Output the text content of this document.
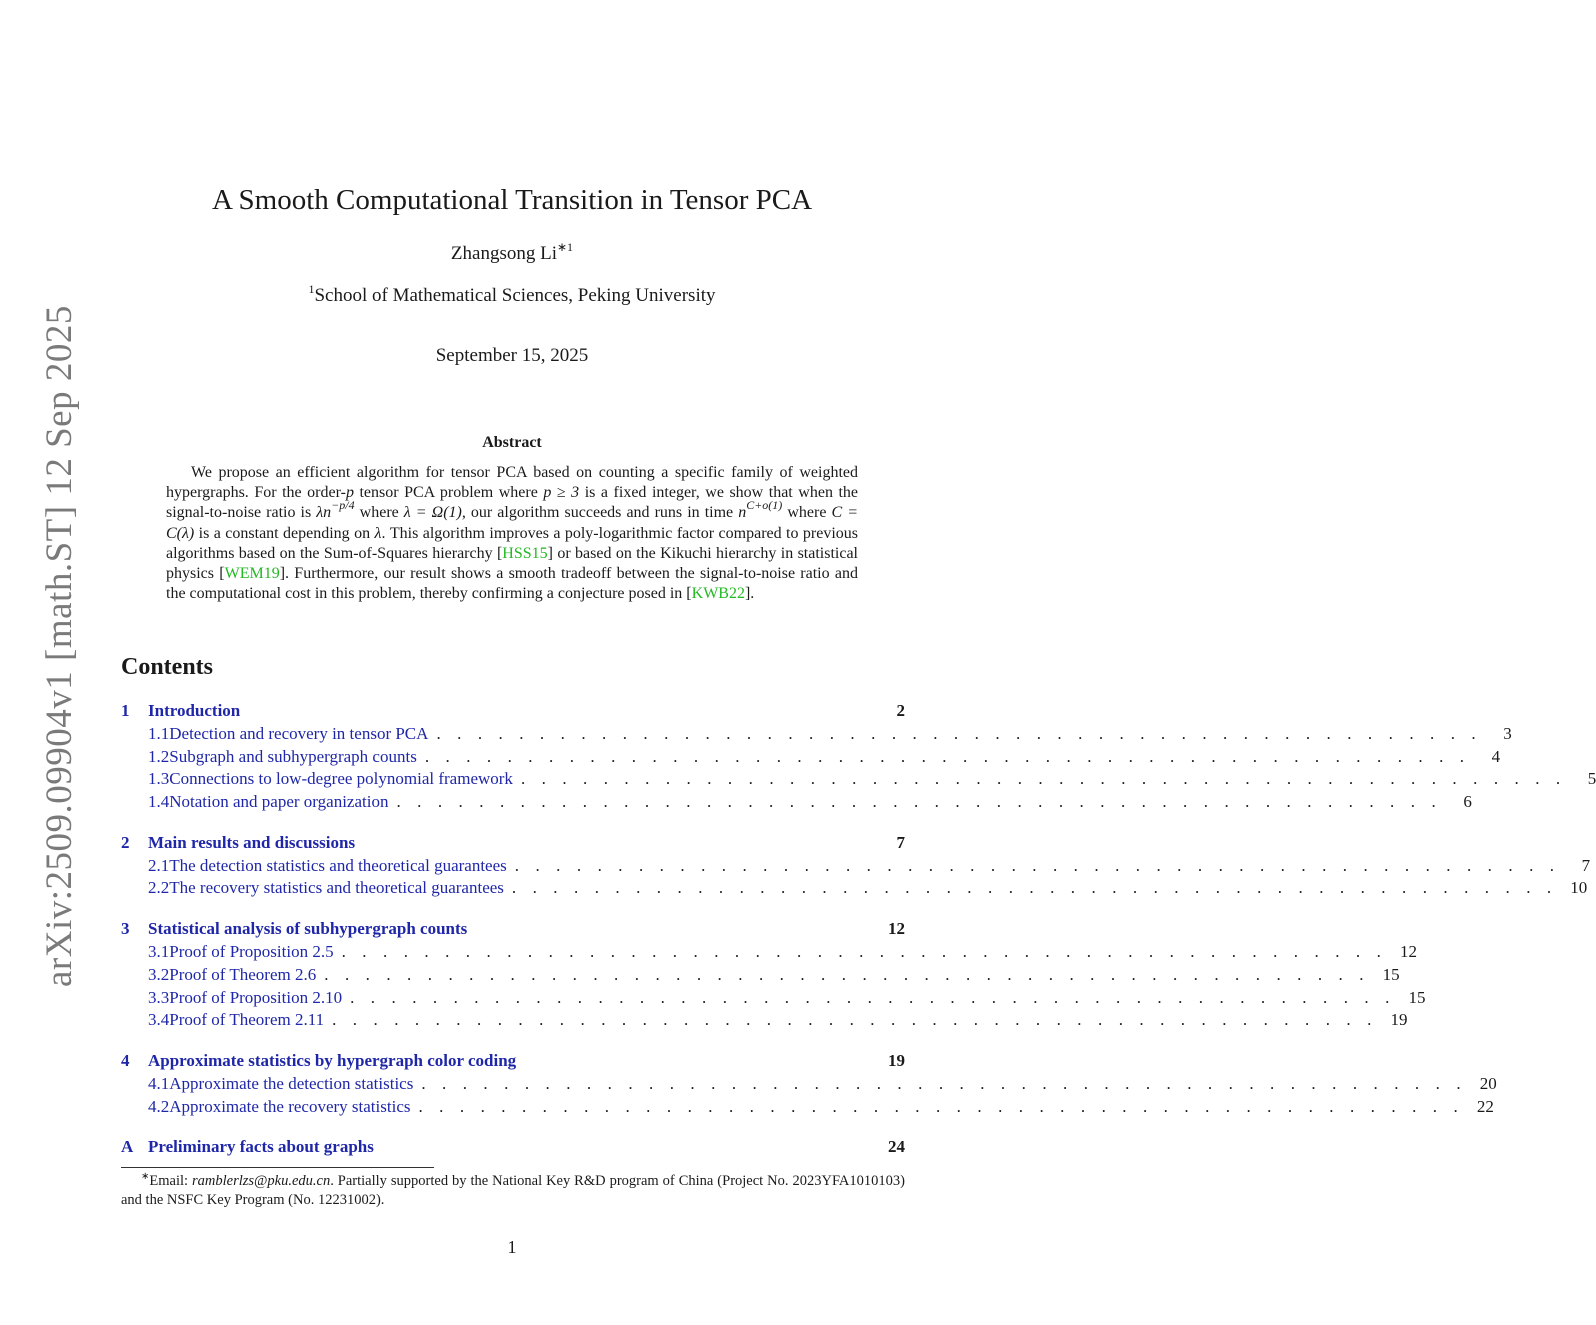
arXiv:2509.09904v1 [math.ST] 12 Sep 2025
A Smooth Computational Transition in Tensor PCA
Zhangsong $Li^{∗1}$
$^1$School of Mathematical Sciences, Peking University
September 15, 2025
Abstract
We propose an efficient algorithm for tensor PCA based on counting a specific family of weighted hypergraphs. For the order-p tensor PCA problem where p ≥ 3 is a fixed integer, we show that when the signal-to-noise ratio is $\lambda n^{-p/4}$ where λ = Ω(1), our algorithm succeeds and runs in time $n^{C+o(1)}$ where C = C(λ) is a constant depending on λ. This algorithm improves a poly-logarithmic factor compared to previous algorithms based on the Sum-of-Squares hierarchy [HSS15] or based on the Kikuchi hierarchy in statistical physics [WEM19]. Furthermore, our result shows a smooth tradeoff between the signal-to-noise ratio and the computational cost in this problem, thereby confirming a conjecture posed in [KWB22].
Contents
1	Introduction	2
1.1 Detection and recovery in tensor PCA . . . . . . . . . . . . . . . . . . . . . . . . . . . . . . . . . . . . . . . . . . . . . . . . . . .	3
1.2 Subgraph and subhypergraph counts . . . . . . . . . . . . . . . . . . . . . . . . . . . . . . . . . . . . . . . . . . . . . . . . . . .	4
1.3 Connections to low-degree polynomial framework . . . . . . . . . . . . . . . . . . . . . . . . . . . . . . . . . . . . . . . . . . . . . . . . . . .	5
1.4 Notation and paper organization . . . . . . . . . . . . . . . . . . . . . . . . . . . . . . . . . . . . . . . . . . . . . . . . . . .	6
2	Main results and discussions	7
2.1 The detection statistics and theoretical guarantees . . . . . . . . . . . . . . . . . . . . . . . . . . . . . . . . . . . . . . . . . . . . . . . . . . .	7
2.2 The recovery statistics and theoretical guarantees . . . . . . . . . . . . . . . . . . . . . . . . . . . . . . . . . . . . . . . . . . . . . . . . . . . 10
3	Statistical analysis of subhypergraph counts	12
3.1 Proof of Proposition 2.5 . . . . . . . . . . . . . . . . . . . . . . . . . . . . . . . . . . . . . . . . . . . . . . . . . . . 12
3.2 Proof of Theorem 2.6 . . . . . . . . . . . . . . . . . . . . . . . . . . . . . . . . . . . . . . . . . . . . . . . . . . . 15
3.3 Proof of Proposition 2.10 . . . . . . . . . . . . . . . . . . . . . . . . . . . . . . . . . . . . . . . . . . . . . . . . . . . 15
3.4 Proof of Theorem 2.11 . . . . . . . . . . . . . . . . . . . . . . . . . . . . . . . . . . . . . . . . . . . . . . . . . . . 19
4	Approximate statistics by hypergraph color coding	19
4.1 Approximate the detection statistics . . . . . . . . . . . . . . . . . . . . . . . . . . . . . . . . . . . . . . . . . . . . . . . . . . . 20
4.2 Approximate the recovery statistics . . . . . . . . . . . . . . . . . . . . . . . . . . . . . . . . . . . . . . . . . . . . . . . . . . . 22
A Preliminary facts about graphs	24
∗Email: ramblerlzs@pku.edu.cn. Partially supported by the National Key R&D program of China (Project No. 2023YFA1010103) and the NSFC Key Program (No. 12231002).
1
